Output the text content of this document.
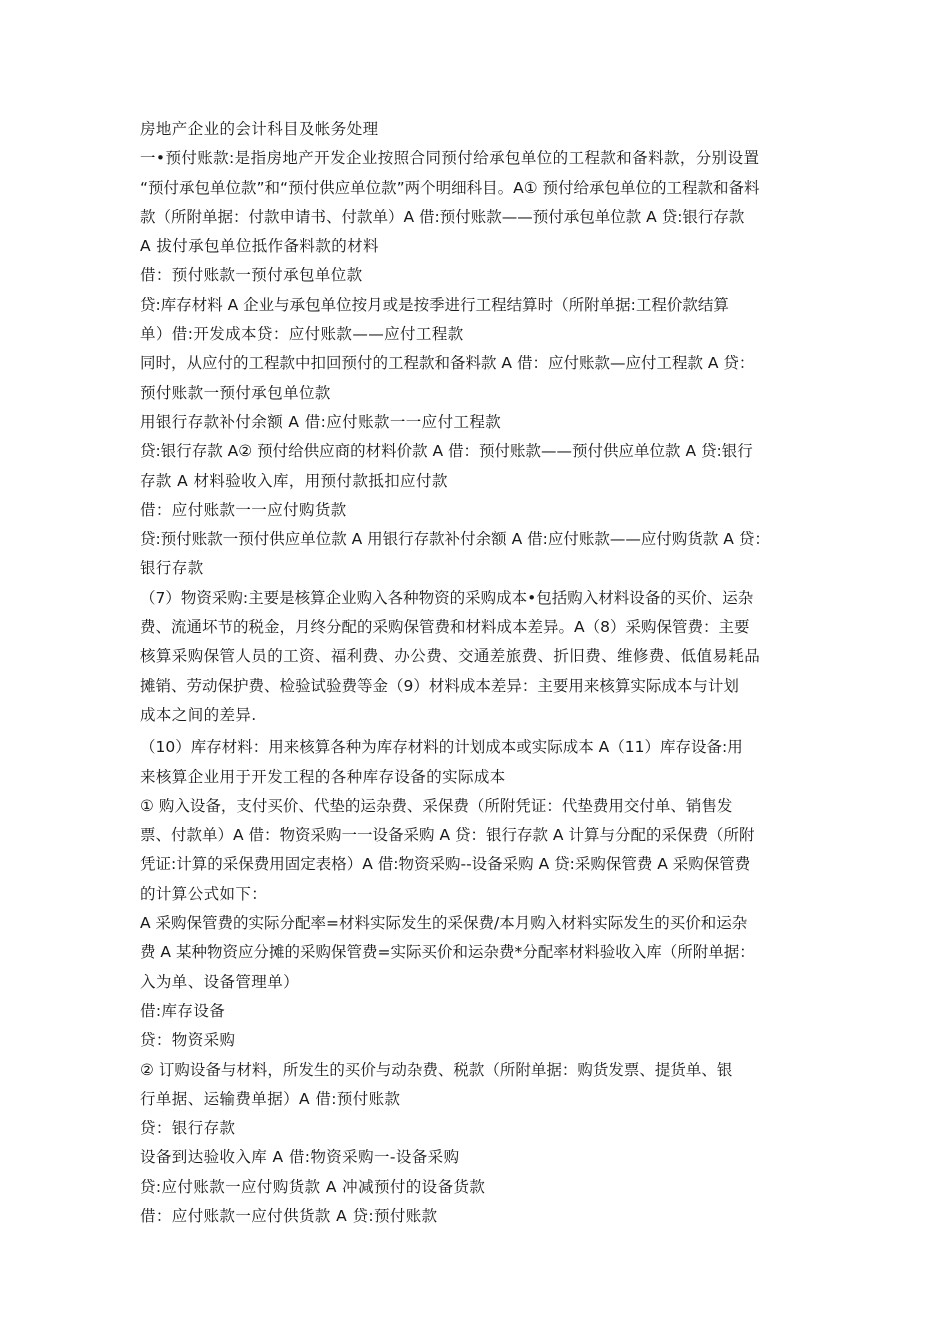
房地产企业的会计科目及帐务处理
一•预付账款:是指房地产开发企业按照合同预付给承包单位的工程款和备料款，分别设置
“预付承包单位款”和“预付供应单位款”两个明细科目。A① 预付给承包单位的工程款和备料
款（所附单据：付款申请书、付款单）A 借:预付账款——预付承包单位款 A 贷:银行存款
A 拔付承包单位抵作备料款的材料
借：预付账款一预付承包单位款
贷:库存材料 A 企业与承包单位按月或是按季进行工程结算时（所附单据:工程价款结算
单）借:开发成本贷：应付账款——应付工程款
同时，从应付的工程款中扣回预付的工程款和备料款 A 借：应付账款—应付工程款 A 贷：
预付账款一预付承包单位款
用银行存款补付余额 A 借:应付账款一一应付工程款
贷:银行存款 A② 预付给供应商的材料价款 A 借：预付账款——预付供应单位款 A 贷:银行
存款 A 材料验收入库，用预付款抵扣应付款
借：应付账款一一应付购货款
贷:预付账款一预付供应单位款 A 用银行存款补付余额 A 借:应付账款——应付购货款 A 贷：
银行存款
（7）物资采购:主要是核算企业购入各种物资的采购成本•包括购入材料设备的买价、运杂
费、流通坏节的税金，月终分配的采购保管费和材料成本差异。A（8）采购保管费：主要
核算采购保管人员的工资、福利费、办公费、交通差旅费、折旧费、维修费、低值易耗品
摊销、劳动保护费、检验试验费等金（9）材料成本差异：主要用来核算实际成本与计划
成本之间的差异.
（10）库存材料：用来核算各种为库存材料的计划成本或实际成本 A（11）库存设备:用
来核算企业用于开发工程的各种库存设备的实际成本
① 购入设备，支付买价、代垫的运杂费、采保费（所附凭证：代垫费用交付单、销售发
票、付款单）A 借：物资采购一一设备采购 A 贷：银行存款 A 计算与分配的采保费（所附
凭证:计算的采保费用固定表格）A 借:物资采购--设备采购 A 贷:采购保管费 A 采购保管费
的计算公式如下：
A 采购保管费的实际分配率=材料实际发生的采保费/本月购入材料实际发生的买价和运杂
费 A 某种物资应分摊的采购保管费=实际买价和运杂费*分配率材料验收入库（所附单据：
入为单、设备管理单）
借:库存设备
贷：物资采购
② 订购设备与材料，所发生的买价与动杂费、税款（所附单据：购货发票、提货单、银
行单据、运输费单据）A 借:预付账款
贷：银行存款
设备到达验收入库 A 借:物资采购一-设备采购
贷:应付账款一应付购货款 A 冲减预付的设备货款
借：应付账款一应付供货款 A 贷:预付账款
